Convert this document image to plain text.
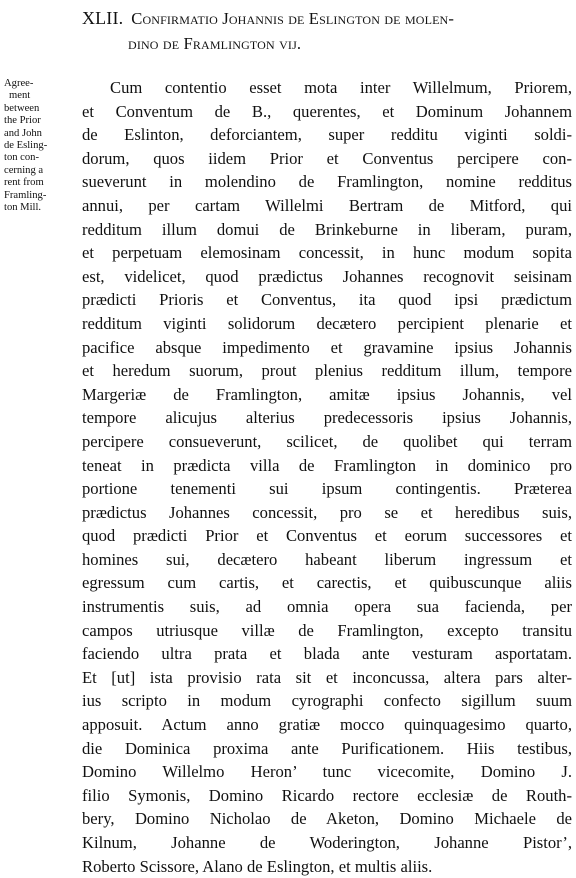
XLII. Confirmatio Johannis de Eslington de molen-
dino de Framlington vij.
Agree-
ment
between
the Prior
and John
de Esling-
ton con-
cerning a
rent from
Framling-
ton Mill.
Cum contentio esset mota inter Willelmum, Priorem,
et Conventum de B., querentes, et Dominum Johannem
de Eslinton, deforciantem, super redditu viginti soldi-
dorum, quos iidem Prior et Conventus percipere con-
sueverunt in molendino de Framlington, nomine redditus
annui, per cartam Willelmi Bertram de Mitford, qui
redditum illum domui de Brinkeburne in liberam, puram,
et perpetuam elemosinam concessit, in hunc modum sopita
est, videlicet, quod prædictus Johannes recognovit seisinam
prædicti Prioris et Conventus, ita quod ipsi prædictum
redditum viginti solidorum decætero percipient plenarie et
pacifice absque impedimento et gravamine ipsius Johannis
et heredum suorum, prout plenius redditum illum, tempore
Margeriæ de Framlington, amitæ ipsius Johannis, vel
tempore alicujus alterius predecessoris ipsius Johannis,
percipere consueverunt, scilicet, de quolibet qui terram
teneat in prædicta villa de Framlington in dominico pro
portione tenementi sui ipsum contingentis. Præterea
prædictus Johannes concessit, pro se et heredibus suis,
quod prædicti Prior et Conventus et eorum successores et
homines sui, decætero habeant liberum ingressum et
egressum cum cartis, et carectis, et quibuscunque aliis
instrumentis suis, ad omnia opera sua facienda, per
campos utriusque villæ de Framlington, excepto transitu
faciendo ultra prata et blada ante vesturam asportatam.
Et [ut] ista provisio rata sit et inconcussa, altera pars alter-
ius scripto in modum cyrographi confecto sigillum suum
apposuit. Actum anno gratiæ mocco quinquagesimo quarto,
die Dominica proxima ante Purificationem. Hiis testibus,
Domino Willelmo Heron’ tunc vicecomite, Domino J.
filio Symonis, Domino Ricardo rectore ecclesiæ de Routh-
bery, Domino Nicholao de Aketon, Domino Michaele de
Kilnum, Johanne de Woderington, Johanne Pistor’,
Roberto Scissore, Alano de Eslington, et multis aliis.
